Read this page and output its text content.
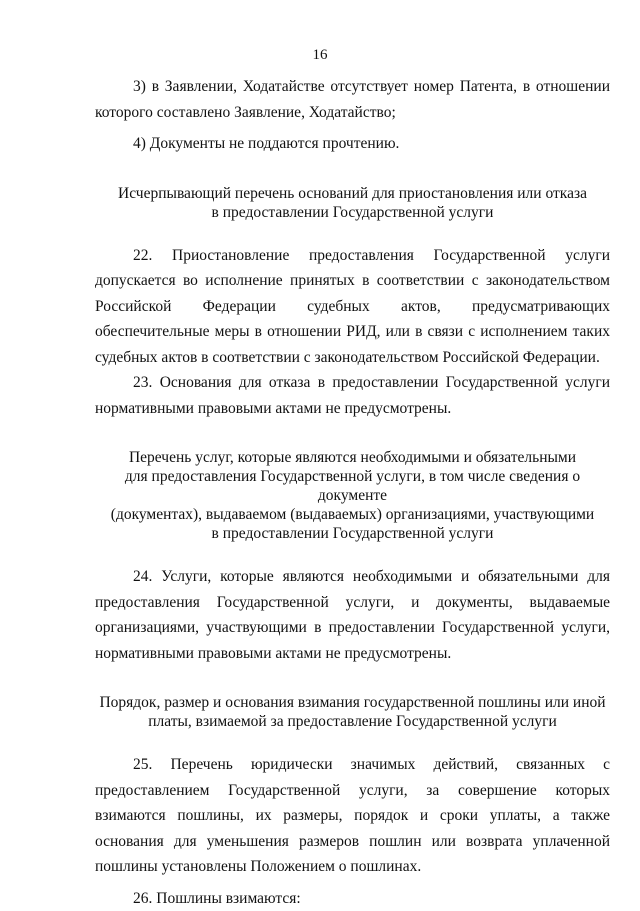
16

3) в Заявлении, Ходатайстве отсутствует номер Патента, в отношении которого составлено Заявление, Ходатайство;

4) Документы не поддаются прочтению.

Исчерпывающий перечень оснований для приостановления или отказа
в предоставлении Государственной услуги

22. Приостановление предоставления Государственной услуги допускается во исполнение принятых в соответствии с законодательством Российской Федерации судебных актов, предусматривающих обеспечительные меры в отношении РИД, или в связи с исполнением таких судебных актов в соответствии с законодательством Российской Федерации.

23. Основания для отказа в предоставлении Государственной услуги нормативными правовыми актами не предусмотрены.

Перечень услуг, которые являются необходимыми и обязательными
для предоставления Государственной услуги, в том числе сведения о документе
(документах), выдаваемом (выдаваемых) организациями, участвующими
в предоставлении Государственной услуги

24. Услуги, которые являются необходимыми и обязательными для предоставления Государственной услуги, и документы, выдаваемые организациями, участвующими в предоставлении Государственной услуги, нормативными правовыми актами не предусмотрены.

Порядок, размер и основания взимания государственной пошлины или иной
платы, взимаемой за предоставление Государственной услуги

25. Перечень юридически значимых действий, связанных с предоставлением Государственной услуги, за совершение которых взимаются пошлины, их размеры, порядок и сроки уплаты, а также основания для уменьшения размеров пошлин или возврата уплаченной пошлины установлены Положением о пошлинах.

26. Пошлины взимаются:
